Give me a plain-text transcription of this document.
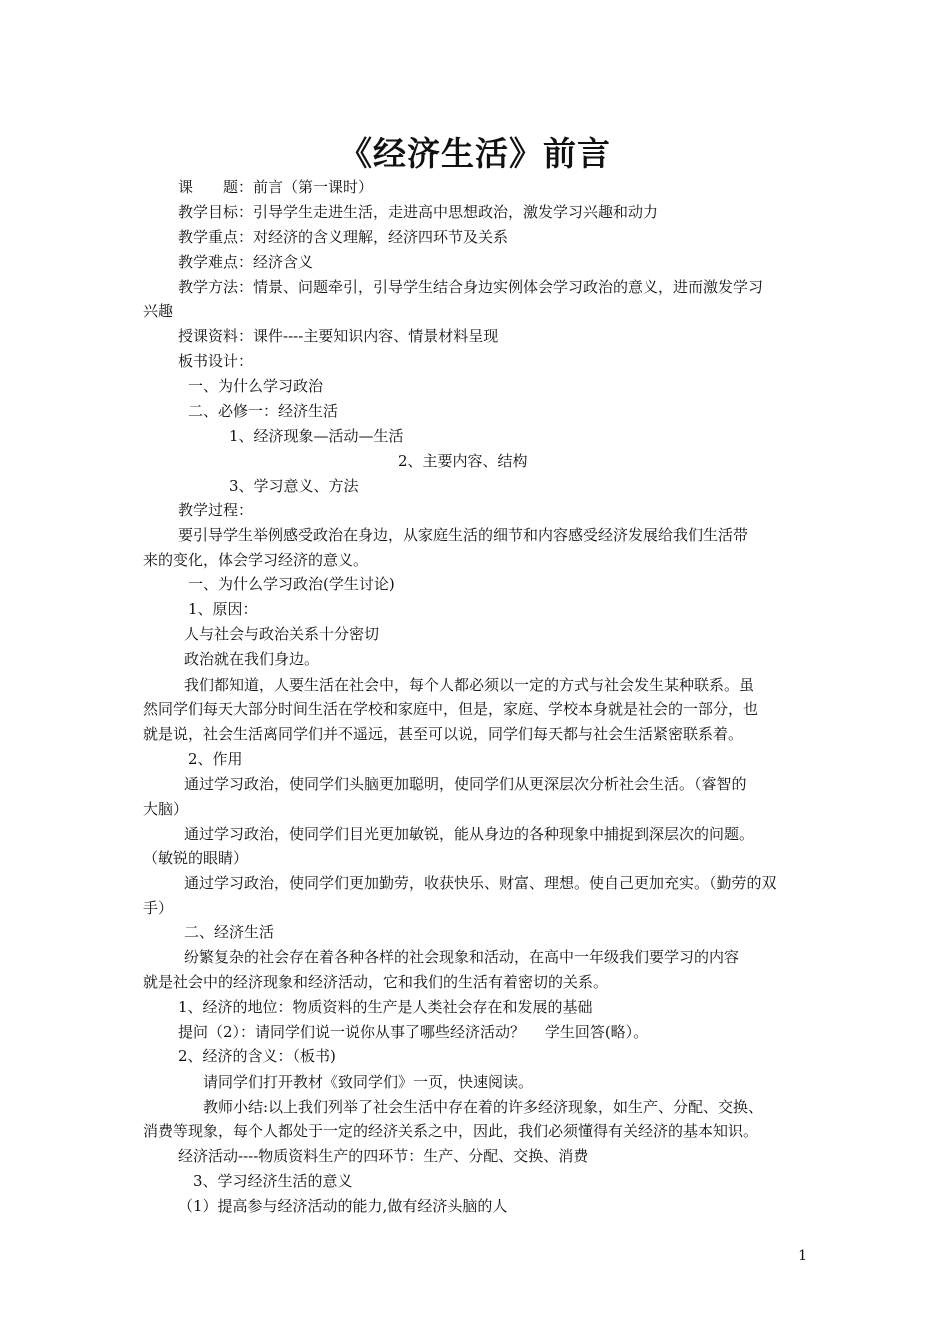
《经济生活》前言
课　　题：前言（第一课时）
教学目标：引导学生走进生活，走进高中思想政治，激发学习兴趣和动力
教学重点：对经济的含义理解，经济四环节及关系
教学难点：经济含义
教学方法：情景、问题牵引，引导学生结合身边实例体会学习政治的意义，进而激发学习
兴趣
授课资料：课件----主要知识内容、情景材料呈现
板书设计：
一、为什么学习政治
二、必修一：经济生活
1、经济现象—活动—生活
2、主要内容、结构
3、学习意义、方法
教学过程：
要引导学生举例感受政治在身边，从家庭生活的细节和内容感受经济发展给我们生活带
来的变化，体会学习经济的意义。
一、为什么学习政治(学生讨论)
1、原因：
人与社会与政治关系十分密切
政治就在我们身边。
我们都知道，人要生活在社会中，每个人都必须以一定的方式与社会发生某种联系。虽
然同学们每天大部分时间生活在学校和家庭中，但是，家庭、学校本身就是社会的一部分，也
就是说，社会生活离同学们并不遥远，甚至可以说，同学们每天都与社会生活紧密联系着。
2、作用
通过学习政治，使同学们头脑更加聪明，使同学们从更深层次分析社会生活。（睿智的
大脑）
通过学习政治，使同学们目光更加敏锐，能从身边的各种现象中捕捉到深层次的问题。
（敏锐的眼睛）
通过学习政治，使同学们更加勤劳，收获快乐、财富、理想。使自己更加充实。（勤劳的双
手）
二、经济生活
纷繁复杂的社会存在着各种各样的社会现象和活动，在高中一年级我们要学习的内容
就是社会中的经济现象和经济活动，它和我们的生活有着密切的关系。
1、经济的地位：物质资料的生产是人类社会存在和发展的基础
提问（2）：请同学们说一说你从事了哪些经济活动？　 学生回答(略）。
2、经济的含义：（板书)
请同学们打开教材《致同学们》一页，快速阅读。
教师小结:以上我们列举了社会生活中存在着的许多经济现象，如生产、分配、交换、
消费等现象，每个人都处于一定的经济关系之中，因此，我们必须懂得有关经济的基本知识。
经济活动----物质资料生产的四环节：生产、分配、交换、消费
3、学习经济生活的意义
（1）提高参与经济活动的能力,做有经济头脑的人
1
